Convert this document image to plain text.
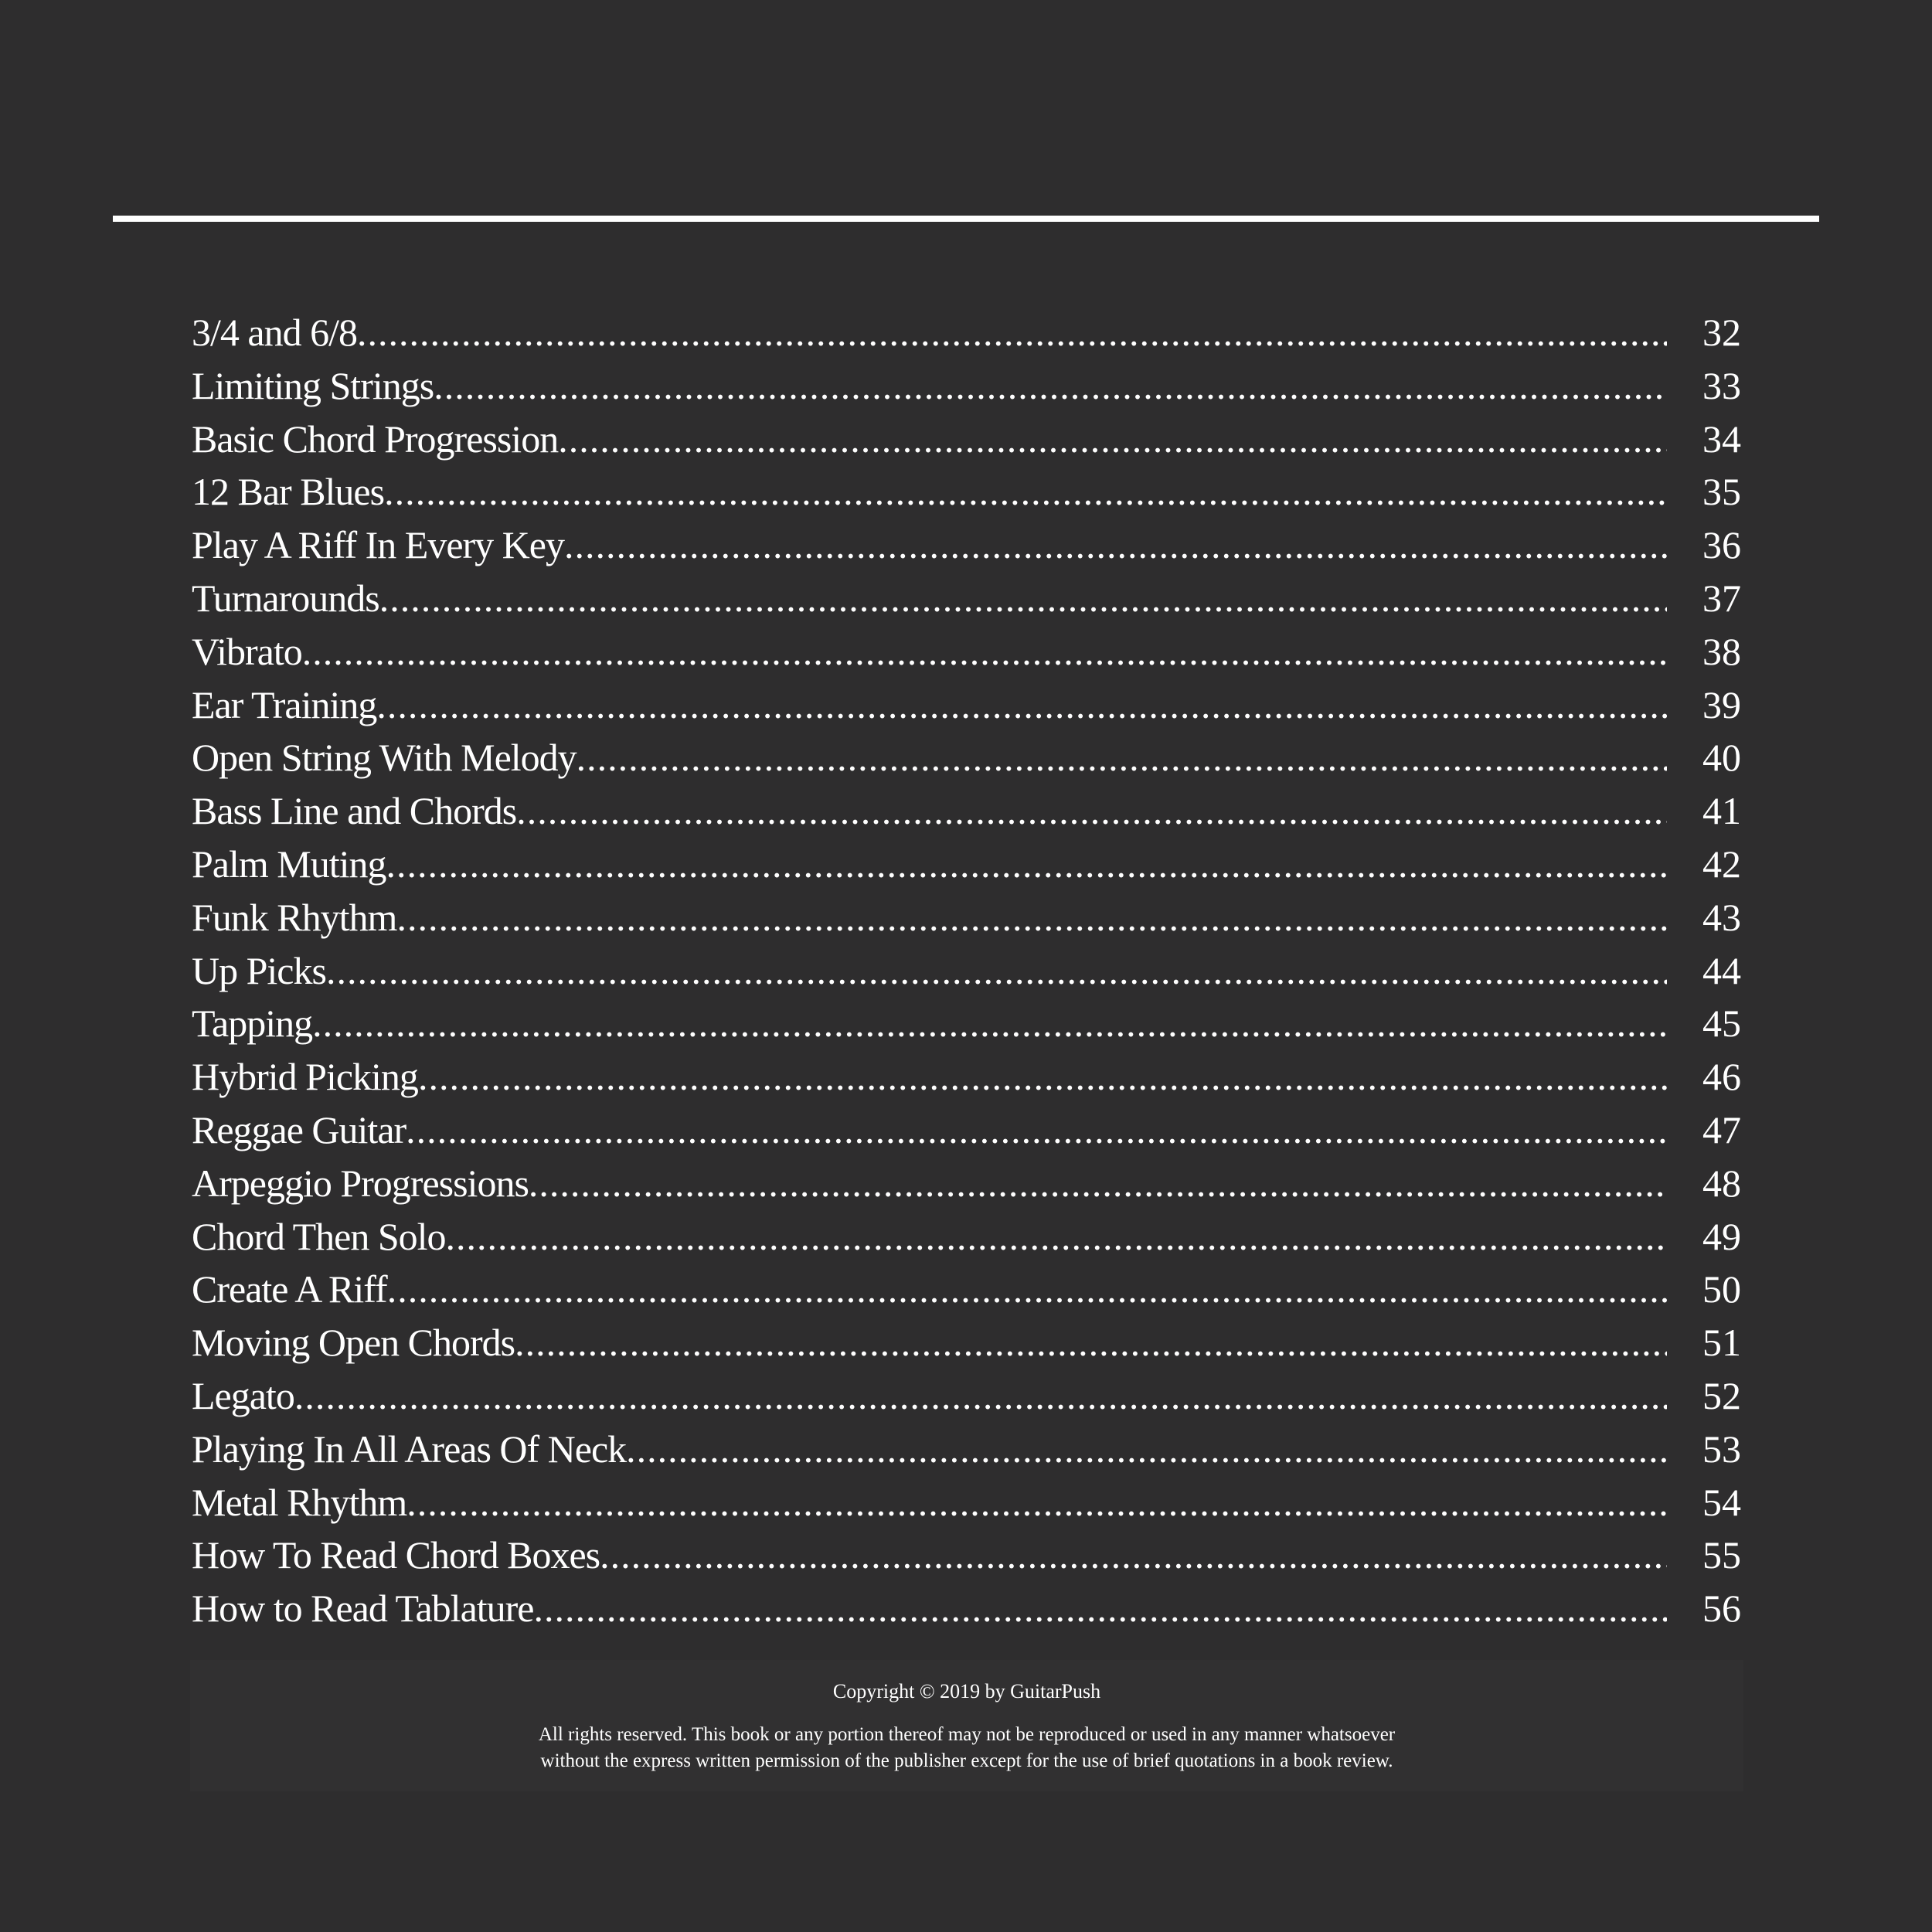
3/4 and 6/8 .....	32
Limiting Strings .....	33
Basic Chord Progression .....	34
12 Bar Blues .....	35
Play A Riff In Every Key .....	36
Turnarounds .....	37
Vibrato .....	38
Ear Training .....	39
Open String With Melody .....	40
Bass Line and Chords .....	41
Palm Muting .....	42
Funk Rhythm .....	43
Up Picks .....	44
Tapping .....	45
Hybrid Picking .....	46
Reggae Guitar .....	47
Arpeggio Progressions .....	48
Chord Then Solo .....	49
Create A Riff .....	50
Moving Open Chords .....	51
Legato .....	52
Playing In All Areas Of Neck .....	53
Metal Rhythm .....	54
How To Read Chord Boxes .....	55
How to Read Tablature .....	56
Copyright © 2019 by GuitarPush
All rights reserved. This book or any portion thereof may not be reproduced or used in any manner whatsoever
without the express written permission of the publisher except for the use of brief quotations in a book review.
